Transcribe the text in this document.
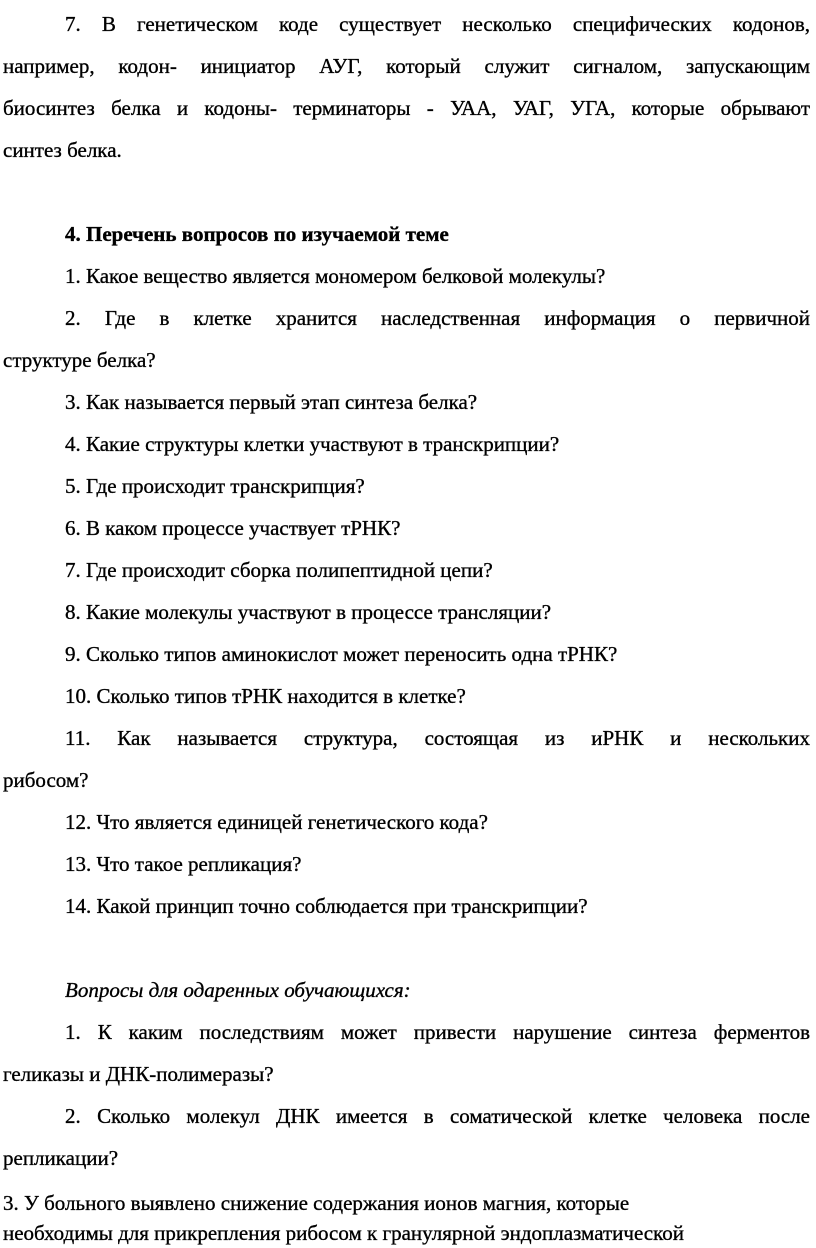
7. В генетическом коде существует несколько специфических кодонов,
например, кодон- инициатор АУГ, который служит сигналом, запускающим
биосинтез белка и кодоны- терминаторы - УАА, УАГ, УГА, которые обрывают
синтез белка.

4. Перечень вопросов по изучаемой теме

1. Какое вещество является мономером белковой молекулы?

2. Где в клетке хранится наследственная информация о первичной
структуре белка?

3. Как называется первый этап синтеза белка?

4. Какие структуры клетки участвуют в транскрипции?

5. Где происходит транскрипция?

6. В каком процессе участвует тРНК?

7. Где происходит сборка полипептидной цепи?

8. Какие молекулы участвуют в процессе трансляции?

9. Сколько типов аминокислот может переносить одна тРНК?

10. Сколько типов тРНК находится в клетке?

11. Как называется структура, состоящая из иРНК и нескольких
рибосом?

12. Что является единицей генетического кода?

13. Что такое репликация?

14. Какой принцип точно соблюдается при транскрипции?

Вопросы для одаренных обучающихся:

1. К каким последствиям может привести нарушение синтеза ферментов
геликазы и ДНК-полимеразы?

2. Сколько молекул ДНК имеется в соматической клетке человека после
репликации?

3. У больного выявлено снижение содержания ионов магния, которые
необходимы для прикрепления рибосом к гранулярной эндоплазматической
